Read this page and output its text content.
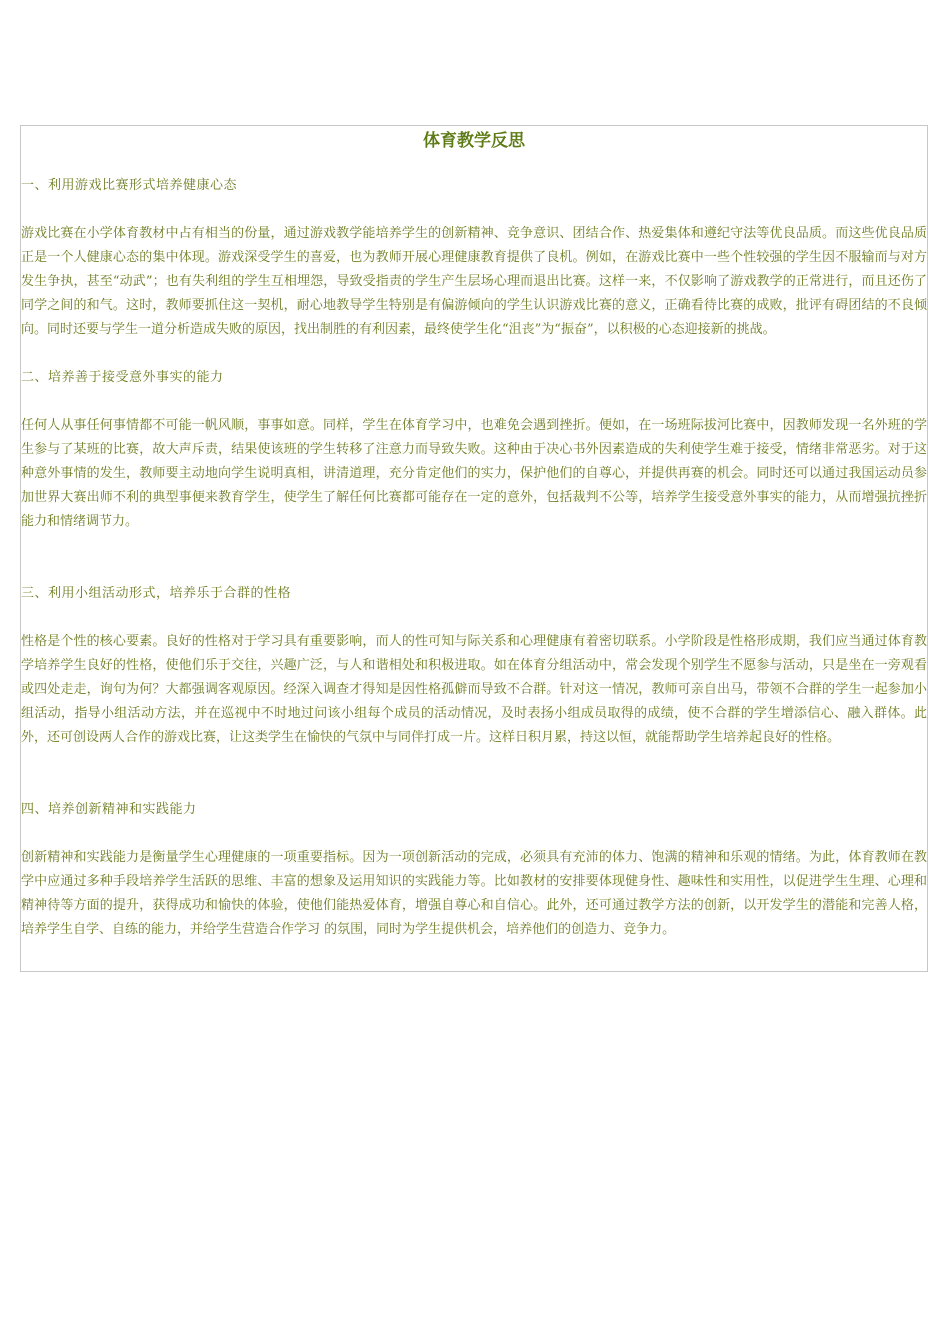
体育教学反思

一、利用游戏比赛形式培养健康心态

游戏比赛在小学体育教材中占有相当的份量，通过游戏教学能培养学生的创新精神、竞争意识、团结合作、热爱集体和遵纪守法等优良品质。而这些优良品质正是一个人健康心态的集中体现。游戏深受学生的喜爱，也为教师开展心理健康教育提供了良机。例如，在游戏比赛中一些个性较强的学生因不服输而与对方发生争执，甚至“动武”；也有失利组的学生互相埋怨，导致受指责的学生产生层场心理而退出比赛。这样一来，不仅影响了游戏教学的正常进行，而且还伤了同学之间的和气。这时，教师要抓住这一契机，耐心地教导学生特别是有偏游倾向的学生认识游戏比赛的意义，正确看待比赛的成败，批评有碍团结的不良倾向。同时还要与学生一道分析造成失败的原因，找出制胜的有利因素，最终使学生化“沮丧”为“振奋”，以积极的心态迎接新的挑战。

二、培养善于接受意外事实的能力

任何人从事任何事情都不可能一帆风顺，事事如意。同样，学生在体育学习中，也难免会遇到挫折。便如，在一场班际拔河比赛中，因教师发现一名外班的学生参与了某班的比赛，故大声斥责，结果使该班的学生转移了注意力而导致失败。这种由于决心书外因素造成的失利使学生难于接受，情绪非常恶劣。对于这种意外事情的发生，教师要主动地向学生说明真相，讲清道理，充分肯定他们的实力，保护他们的自尊心，并提供再赛的机会。同时还可以通过我国运动员参加世界大赛出师不利的典型事便来教育学生，使学生了解任何比赛都可能存在一定的意外，包括裁判不公等，培养学生接受意外事实的能力，从而增强抗挫折能力和情绪调节力。

三、利用小组活动形式，培养乐于合群的性格

性格是个性的核心要素。良好的性格对于学习具有重要影响，而人的性可知与际关系和心理健康有着密切联系。小学阶段是性格形成期，我们应当通过体育教学培养学生良好的性格，使他们乐于交往，兴趣广泛，与人和谐相处和积极进取。如在体育分组活动中，常会发现个别学生不愿参与活动，只是坐在一旁观看或四处走走，询句为何？大都强调客观原因。经深入调查才得知是因性格孤僻而导致不合群。针对这一情况，教师可亲自出马，带领不合群的学生一起参加小组活动，指导小组活动方法，并在巡视中不时地过问该小组每个成员的活动情况，及时表扬小组成员取得的成绩，使不合群的学生增添信心、融入群体。此外，还可创设两人合作的游戏比赛，让这类学生在愉快的气氛中与同伴打成一片。这样日积月累，持这以恒，就能帮助学生培养起良好的性格。

四、培养创新精神和实践能力

创新精神和实践能力是衡量学生心理健康的一项重要指标。因为一项创新活动的完成，必须具有充沛的体力、饱满的精神和乐观的情绪。为此，体育教师在教学中应通过多种手段培养学生活跃的思维、丰富的想象及运用知识的实践能力等。比如教材的安排要体现健身性、趣味性和实用性，以促进学生生理、心理和精神待等方面的提升，获得成功和愉快的体验，使他们能热爱体育，增强自尊心和自信心。此外，还可通过教学方法的创新，以开发学生的潜能和完善人格，培养学生自学、自练的能力，并给学生营造合作学习 的氛围，同时为学生提供机会，培养他们的创造力、竞争力。
